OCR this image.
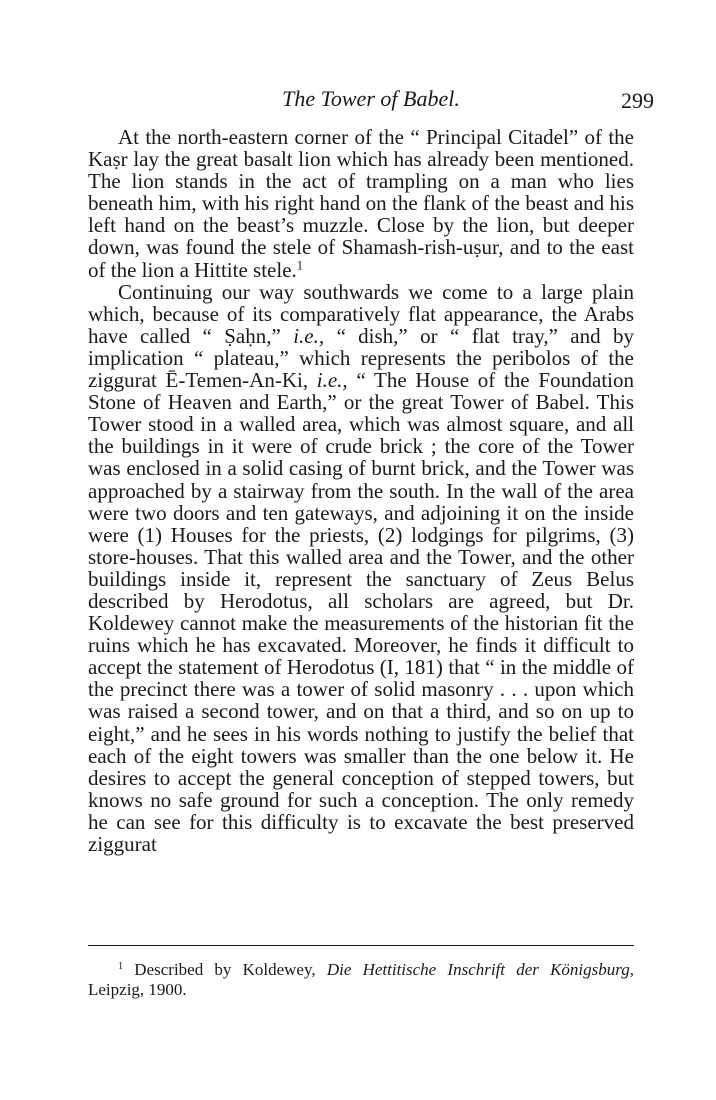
The Tower of Babel.	299

At the north-eastern corner of the “ Principal Citadel” of the Kaṣr lay the great basalt lion which has already been mentioned. The lion stands in the act of trampling on a man who lies beneath him, with his right hand on the flank of the beast and his left hand on the beast’s muzzle. Close by the lion, but deeper down, was found the stele of Shamash-rish-uṣur, and to the east of the lion a Hittite stele.$^1$

Continuing our way southwards we come to a large plain which, because of its comparatively flat appearance, the Arabs have called “ Ṣaḥn,” i.e., “ dish,” or “ flat tray,” and by implication “ plateau,” which represents the peribolos of the ziggurat Ē-Temen-An-Ki, i.e., “ The House of the Foundation Stone of Heaven and Earth,” or the great Tower of Babel. This Tower stood in a walled area, which was almost square, and all the buildings in it were of crude brick ; the core of the Tower was enclosed in a solid casing of burnt brick, and the Tower was approached by a stairway from the south. In the wall of the area were two doors and ten gateways, and adjoining it on the inside were (1) Houses for the priests, (2) lodgings for pilgrims, (3) store-houses. That this walled area and the Tower, and the other buildings inside it, represent the sanctuary of Zeus Belus described by Herodotus, all scholars are agreed, but Dr. Koldewey cannot make the measurements of the historian fit the ruins which he has excavated. Moreover, he finds it difficult to accept the statement of Herodotus (I, 181) that “ in the middle of the precinct there was a tower of solid masonry . . . upon which was raised a second tower, and on that a third, and so on up to eight,” and he sees in his words nothing to justify the belief that each of the eight towers was smaller than the one below it. He desires to accept the general conception of stepped towers, but knows no safe ground for such a conception. The only remedy he can see for this difficulty is to excavate the best preserved ziggurat

$^1$ Described by Koldewey, Die Hettitische Inschrift der Königsburg, Leipzig, 1900.
